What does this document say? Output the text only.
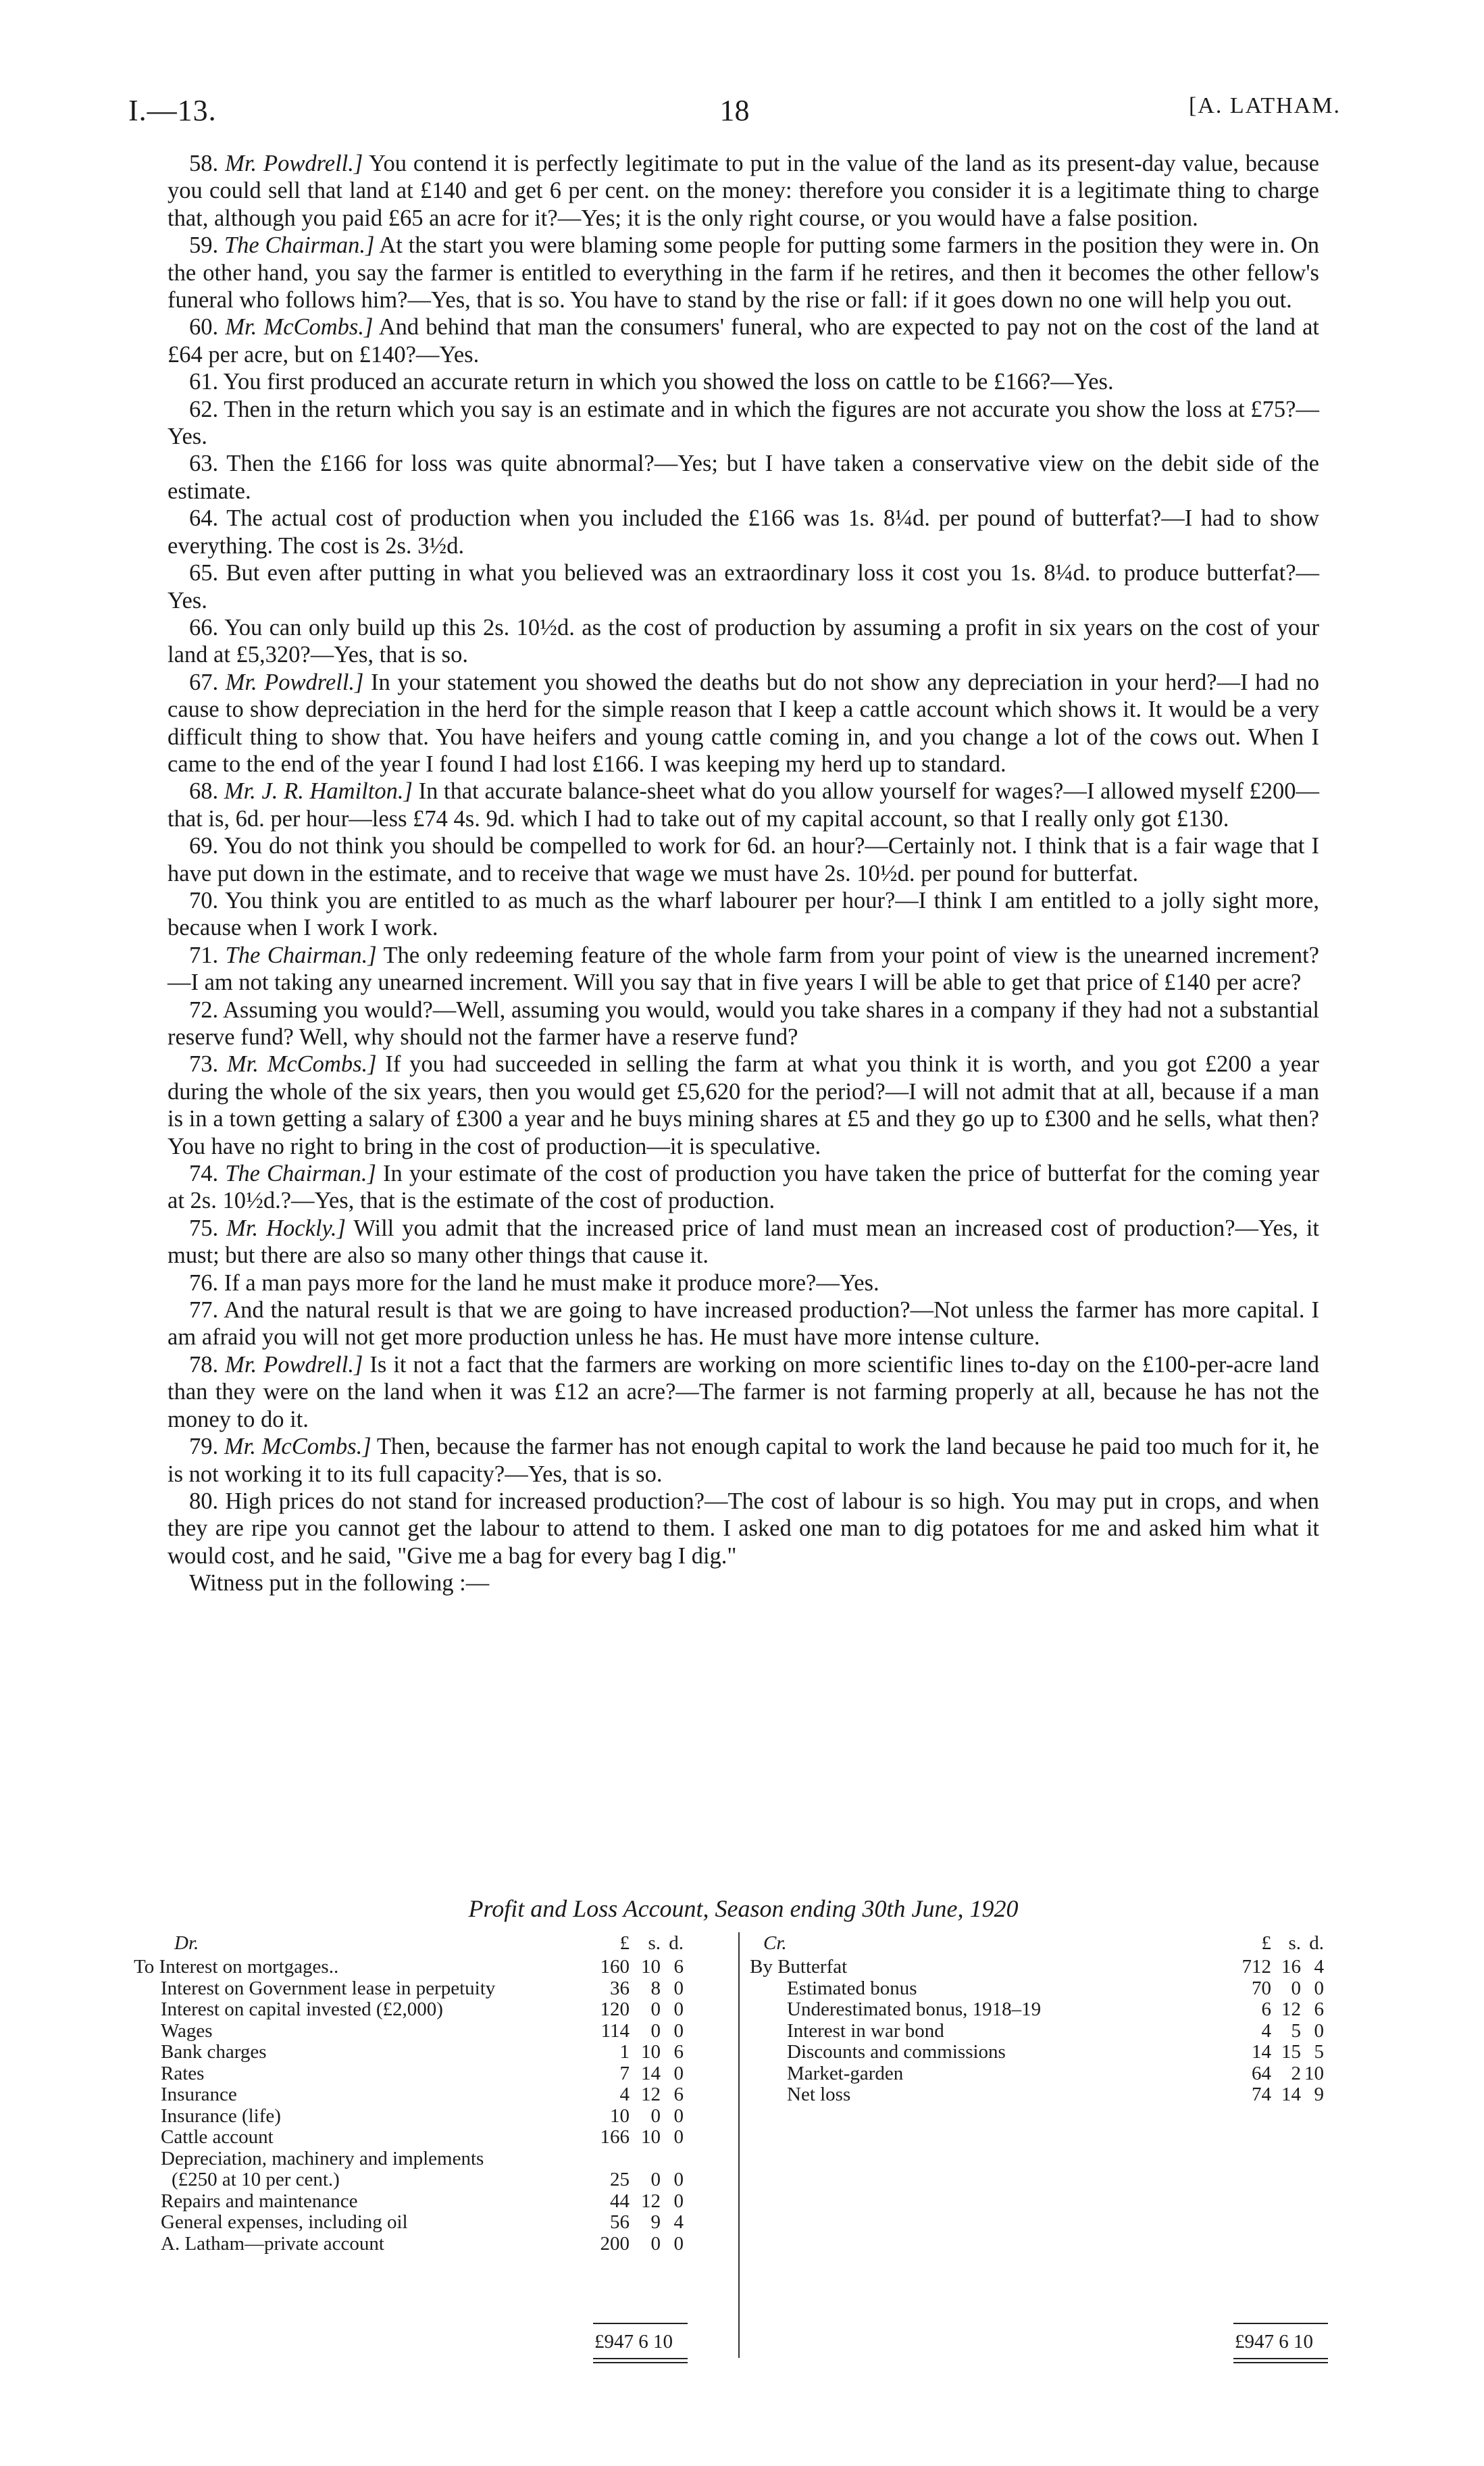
I.—13.	18	[A. LATHAM.

58. Mr. Powdrell.] You contend it is perfectly legitimate to put in the value of the land as its present-day value, because you could sell that land at £140 and get 6 per cent. on the money: therefore you consider it is a legitimate thing to charge that, although you paid £65 an acre for it?—Yes; it is the only right course, or you would have a false position.

59. The Chairman.] At the start you were blaming some people for putting some farmers in the position they were in. On the other hand, you say the farmer is entitled to everything in the farm if he retires, and then it becomes the other fellow's funeral who follows him?—Yes, that is so. You have to stand by the rise or fall: if it goes down no one will help you out.

60. Mr. McCombs.] And behind that man the consumers' funeral, who are expected to pay not on the cost of the land at £64 per acre, but on £140?—Yes.

61. You first produced an accurate return in which you showed the loss on cattle to be £166?—Yes.

62. Then in the return which you say is an estimate and in which the figures are not accurate you show the loss at £75?—Yes.

63. Then the £166 for loss was quite abnormal?—Yes; but I have taken a conservative view on the debit side of the estimate.

64. The actual cost of production when you included the £166 was 1s. 8¼d. per pound of butterfat?—I had to show everything. The cost is 2s. 3½d.

65. But even after putting in what you believed was an extraordinary loss it cost you 1s. 8¼d. to produce butterfat?—Yes.

66. You can only build up this 2s. 10½d. as the cost of production by assuming a profit in six years on the cost of your land at £5,320?—Yes, that is so.

67. Mr. Powdrell.] In your statement you showed the deaths but do not show any depreciation in your herd?—I had no cause to show depreciation in the herd for the simple reason that I keep a cattle account which shows it. It would be a very difficult thing to show that. You have heifers and young cattle coming in, and you change a lot of the cows out. When I came to the end of the year I found I had lost £166. I was keeping my herd up to standard.

68. Mr. J. R. Hamilton.] In that accurate balance-sheet what do you allow yourself for wages?—I allowed myself £200—that is, 6d. per hour—less £74 4s. 9d. which I had to take out of my capital account, so that I really only got £130.

69. You do not think you should be compelled to work for 6d. an hour?—Certainly not. I think that is a fair wage that I have put down in the estimate, and to receive that wage we must have 2s. 10½d. per pound for butterfat.

70. You think you are entitled to as much as the wharf labourer per hour?—I think I am entitled to a jolly sight more, because when I work I work.

71. The Chairman.] The only redeeming feature of the whole farm from your point of view is the unearned increment?—I am not taking any unearned increment. Will you say that in five years I will be able to get that price of £140 per acre?

72. Assuming you would?—Well, assuming you would, would you take shares in a company if they had not a substantial reserve fund? Well, why should not the farmer have a reserve fund?

73. Mr. McCombs.] If you had succeeded in selling the farm at what you think it is worth, and you got £200 a year during the whole of the six years, then you would get £5,620 for the period?—I will not admit that at all, because if a man is in a town getting a salary of £300 a year and he buys mining shares at £5 and they go up to £300 and he sells, what then? You have no right to bring in the cost of production—it is speculative.

74. The Chairman.] In your estimate of the cost of production you have taken the price of butterfat for the coming year at 2s. 10½d.?—Yes, that is the estimate of the cost of production.

75. Mr. Hockly.] Will you admit that the increased price of land must mean an increased cost of production?—Yes, it must; but there are also so many other things that cause it.

76. If a man pays more for the land he must make it produce more?—Yes.

77. And the natural result is that we are going to have increased production?—Not unless the farmer has more capital. I am afraid you will not get more production unless he has. He must have more intense culture.

78. Mr. Powdrell.] Is it not a fact that the farmers are working on more scientific lines to-day on the £100-per-acre land than they were on the land when it was £12 an acre?—The farmer is not farming properly at all, because he has not the money to do it.

79. Mr. McCombs.] Then, because the farmer has not enough capital to work the land because he paid too much for it, he is not working it to its full capacity?—Yes, that is so.

80. High prices do not stand for increased production?—The cost of labour is so high. You may put in crops, and when they are ripe you cannot get the labour to attend to them. I asked one man to dig potatoes for me and asked him what it would cost, and he said, "Give me a bag for every bag I dig."

Witness put in the following :—

Profit and Loss Account, Season ending 30th June, 1920
Dr.	£ s. d.
To Interest on mortgages..	160 10 6
Interest on Government lease in perpetuity	36	8 0
Interest on capital invested (£2,000)	120	0 0
Wages	114	0 0
Bank charges	1 10 6
Rates	7 14 0
Insurance	4 12 6
Insurance (life)	10	0 0
Cattle account	166 10 0
Depreciation, machinery and implements
(£250 at 10 per cent.)	25	0 0
Repairs and maintenance	44 12 0
General expenses, including oil	56	9 4
A. Latham—private account	200	0 0
£947 6 10
Cr.	£ s. d.
By Butterfat	712 16 4
Estimated bonus	70	0 0
Underestimated bonus, 1918–19	6 12 6
Interest in war bond	4	5 0
Discounts and commissions	14 15 5
Market-garden	64	2 10
Net loss	74 14 9
£947 6 10
